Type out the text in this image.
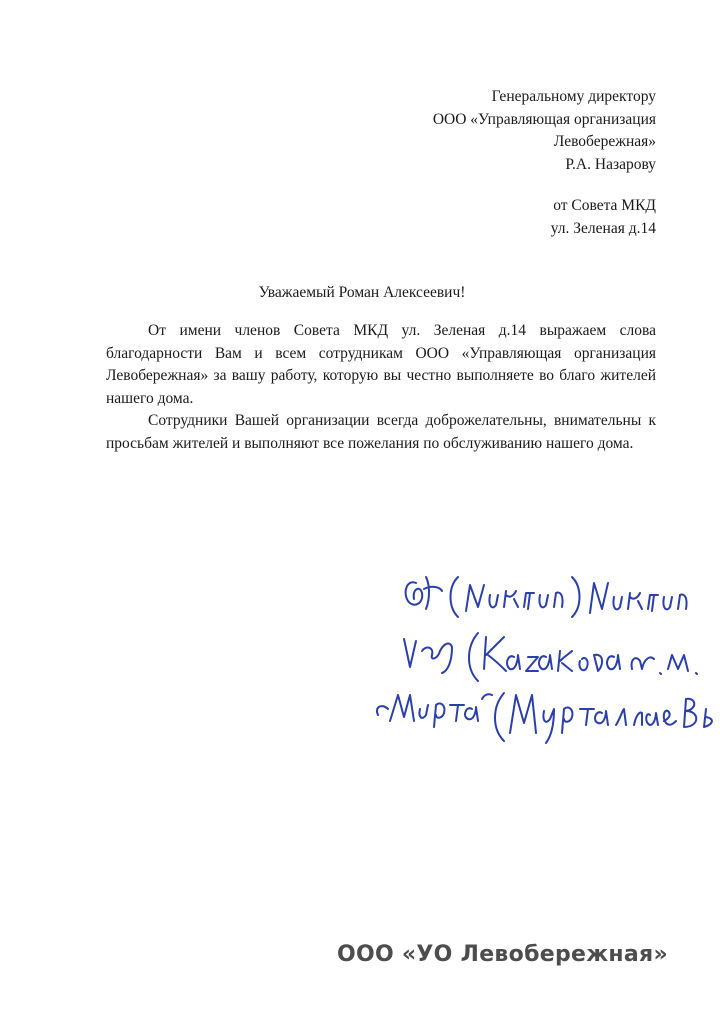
Генеральному директору
ООО «Управляющая организация
Левобережная»
Р.А. Назарову
от Совета МКД
ул. Зеленая д.14
Уважаемый Роман Алексеевич!

От имени членов Совета МКД ул. Зеленая д.14 выражаем слова благодарности Вам и всем сотрудникам ООО «Управляющая организация Левобережная» за вашу работу, которую вы честно выполняете во благо жителей нашего дома.

Сотрудники Вашей организации всегда доброжелательны, внимательны к просьбам жителей и выполняют все пожелания по обслуживанию нашего дома.

ООО «УО Левобережная»
